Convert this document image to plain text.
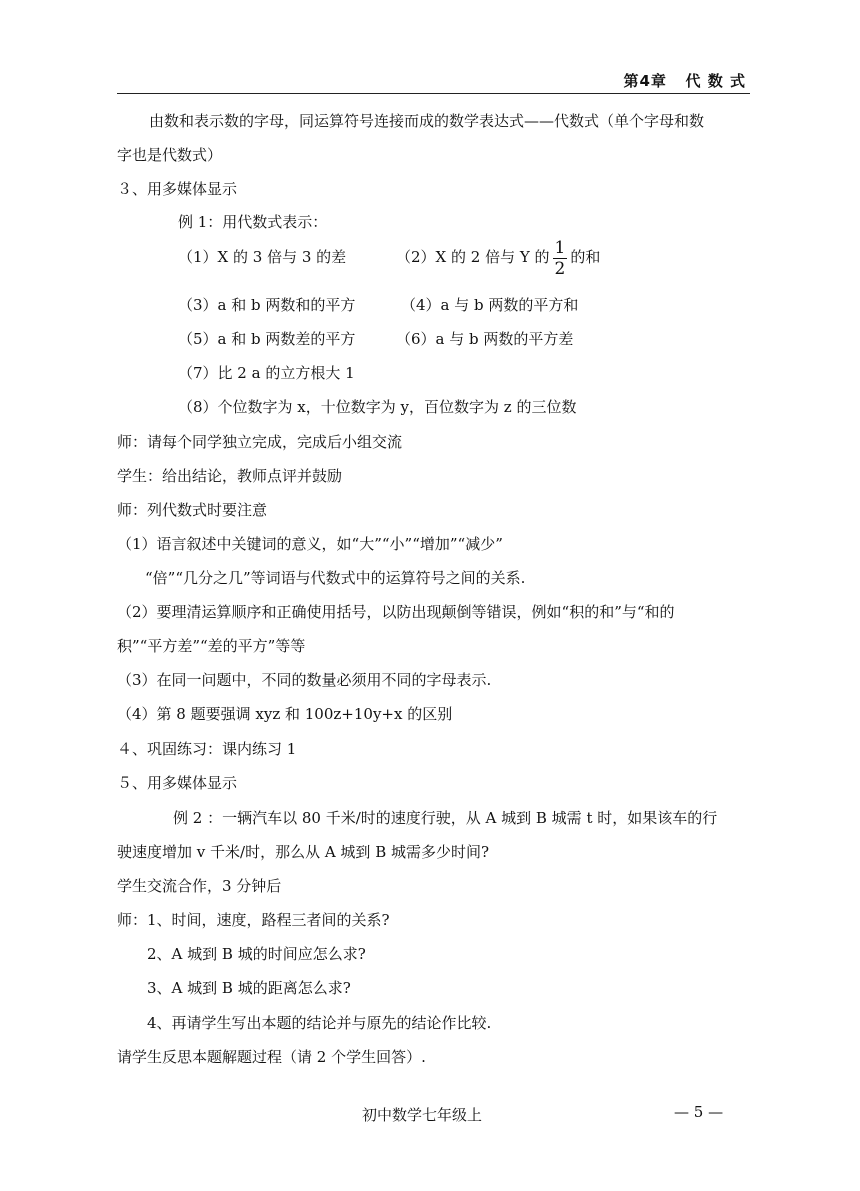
第4章   代 数 式
由数和表示数的字母，同运算符号连接而成的数学表达式——代数式（单个字母和数
字也是代数式）
３、用多媒体显示
例 1：用代数式表示：
（1）X 的 3 倍与 3 的差	（2）X 的 2 倍与 Y 的 $\frac{1}{2}$ 的和
（3）a 和 b 两数和的平方	（4）a 与 b 两数的平方和
（5）a 和 b 两数差的平方	（6）a 与 b 两数的平方差
（7）比 2 a 的立方根大 1
（8）个位数字为 x，十位数字为 y，百位数字为 z 的三位数
师：请每个同学独立完成，完成后小组交流
学生：给出结论，教师点评并鼓励
师：列代数式时要注意
（1）语言叙述中关键词的意义，如“大”“小”“增加”“减少”
“倍”“几分之几”等词语与代数式中的运算符号之间的关系.
（2）要理清运算顺序和正确使用括号，以防出现颠倒等错误，例如“积的和”与“和的
积”“平方差”“差的平方”等等
（3）在同一问题中，不同的数量必须用不同的字母表示.
（4）第 8 题要强调 xyz 和 100z+10y+x 的区别
４、巩固练习：课内练习 1
５、用多媒体显示
例 2 ：一辆汽车以 80 千米/时的速度行驶，从 A 城到 B 城需 t 时，如果该车的行
驶速度增加 v 千米/时，那么从 A 城到 B 城需多少时间?
学生交流合作，3 分钟后
师：1、时间，速度，路程三者间的关系?
2、A 城到 B 城的时间应怎么求?
3、A 城到 B 城的距离怎么求?
4、再请学生写出本题的结论并与原先的结论作比较.
请学生反思本题解题过程（请 2 个学生回答）.
初中数学七年级上	— 5 —
